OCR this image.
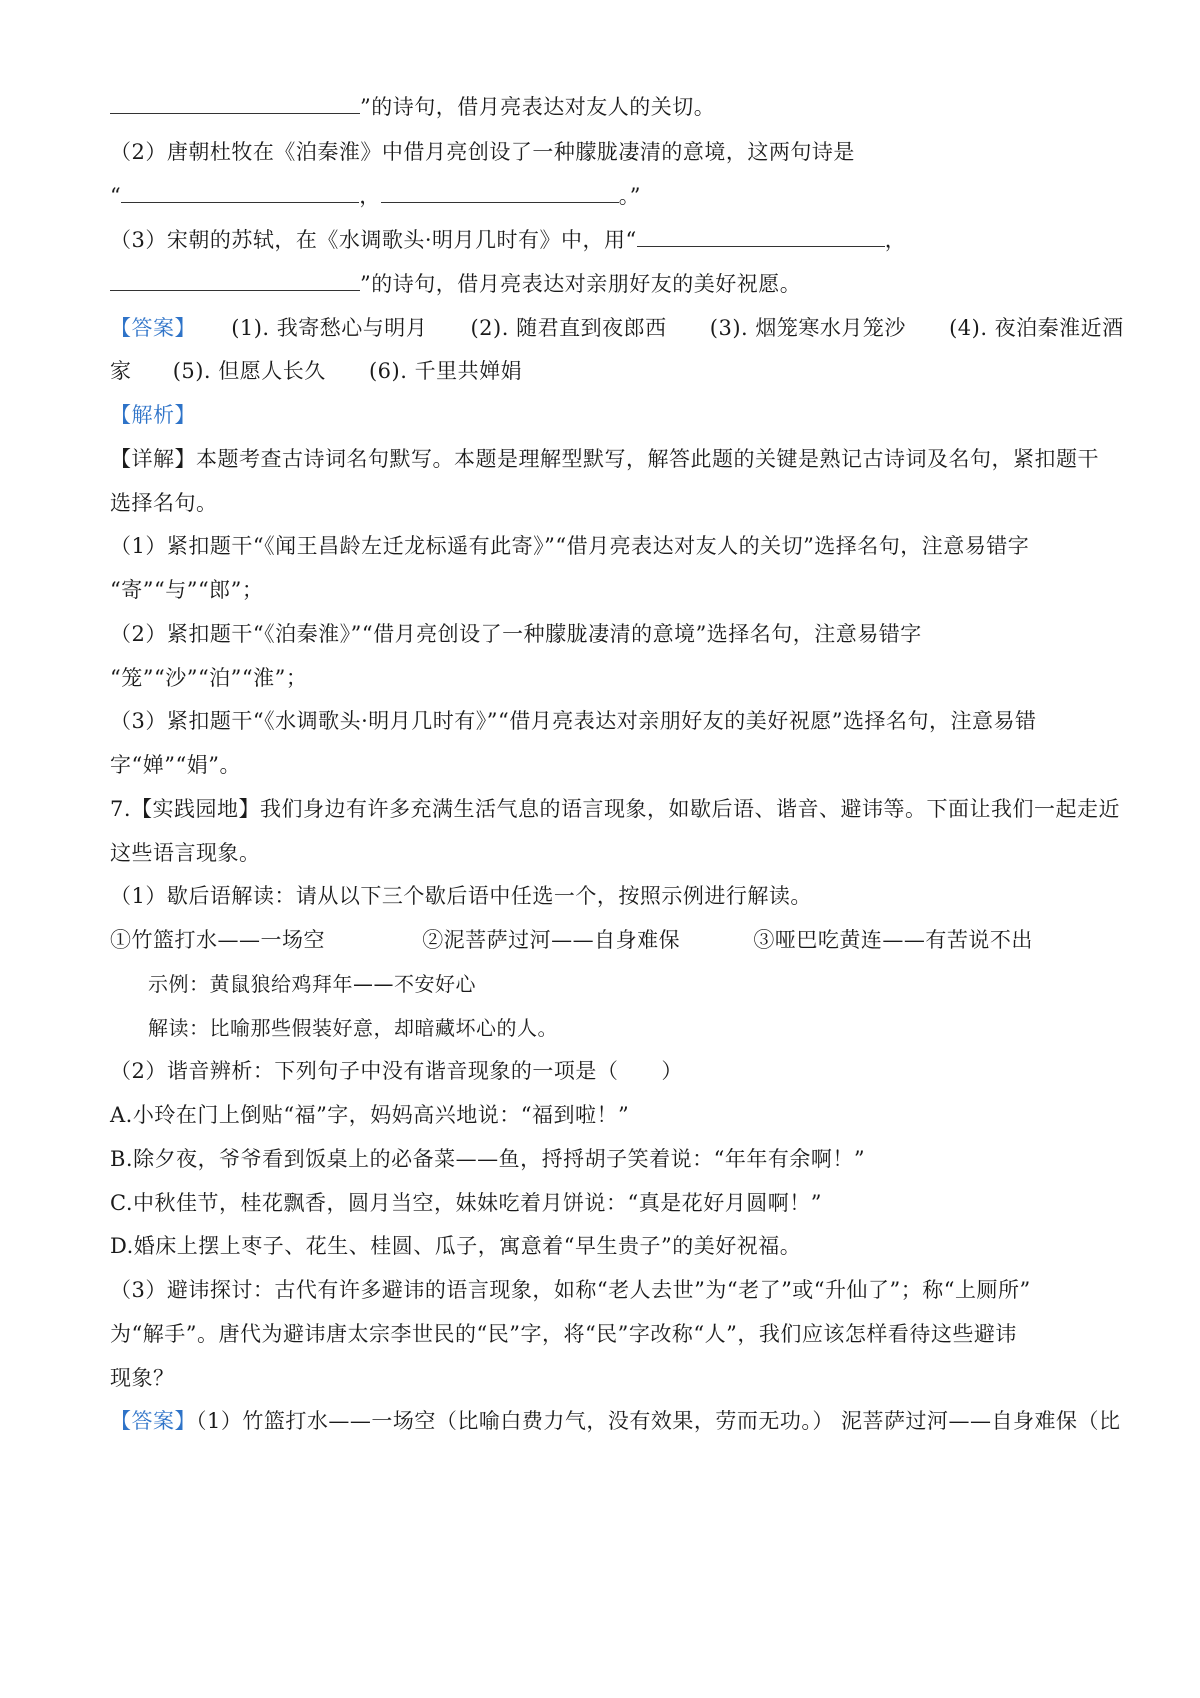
”的诗句，借月亮表达对友人的关切。
（2）唐朝杜牧在《泊秦淮》中借月亮创设了一种朦胧凄清的意境，这两句诗是
“	，	。”
（3）宋朝的苏轼，在《水调歌头·明月几时有》中，用“	，
”的诗句，借月亮表达对亲朋好友的美好祝愿。
【答案】 (1). 我寄愁心与明月 (2). 随君直到夜郎西 (3). 烟笼寒水月笼沙 (4). 夜泊秦淮近酒
家 (5). 但愿人长久 (6). 千里共婵娟
【解析】
【详解】本题考查古诗词名句默写。本题是理解型默写，解答此题的关键是熟记古诗词及名句，紧扣题干
选择名句。
（1）紧扣题干“《闻王昌龄左迁龙标遥有此寄》”“借月亮表达对友人的关切”选择名句，注意易错字
“寄”“与”“郎”；
（2）紧扣题干“《泊秦淮》”“借月亮创设了一种朦胧凄清的意境”选择名句，注意易错字
“笼”“沙”“泊”“淮”；
（3）紧扣题干“《水调歌头·明月几时有》”“借月亮表达对亲朋好友的美好祝愿”选择名句，注意易错
字“婵”“娟”。
7.【实践园地】我们身边有许多充满生活气息的语言现象，如歇后语、谐音、避讳等。下面让我们一起走近
这些语言现象。
（1）歇后语解读：请从以下三个歇后语中任选一个，按照示例进行解读。
①竹篮打水——一场空	②泥菩萨过河——自身难保	③哑巴吃黄连——有苦说不出
示例：黄鼠狼给鸡拜年——不安好心
解读：比喻那些假装好意，却暗藏坏心的人。
（2）谐音辨析：下列句子中没有谐音现象的一项是（　　）
A.小玲在门上倒贴“福”字，妈妈高兴地说：“福到啦！”
B.除夕夜，爷爷看到饭桌上的必备菜——鱼，捋捋胡子笑着说：“年年有余啊！”
C.中秋佳节，桂花飘香，圆月当空，妹妹吃着月饼说：“真是花好月圆啊！”
D.婚床上摆上枣子、花生、桂圆、瓜子，寓意着“早生贵子”的美好祝福。
（3）避讳探讨：古代有许多避讳的语言现象，如称“老人去世”为“老了”或“升仙了”；称“上厕所”
为“解手”。唐代为避讳唐太宗李世民的“民”字，将“民”字改称“人”，我们应该怎样看待这些避讳
现象？
【答案】（1）竹篮打水——一场空（比喻白费力气，没有效果，劳而无功。） 泥菩萨过河——自身难保（比
